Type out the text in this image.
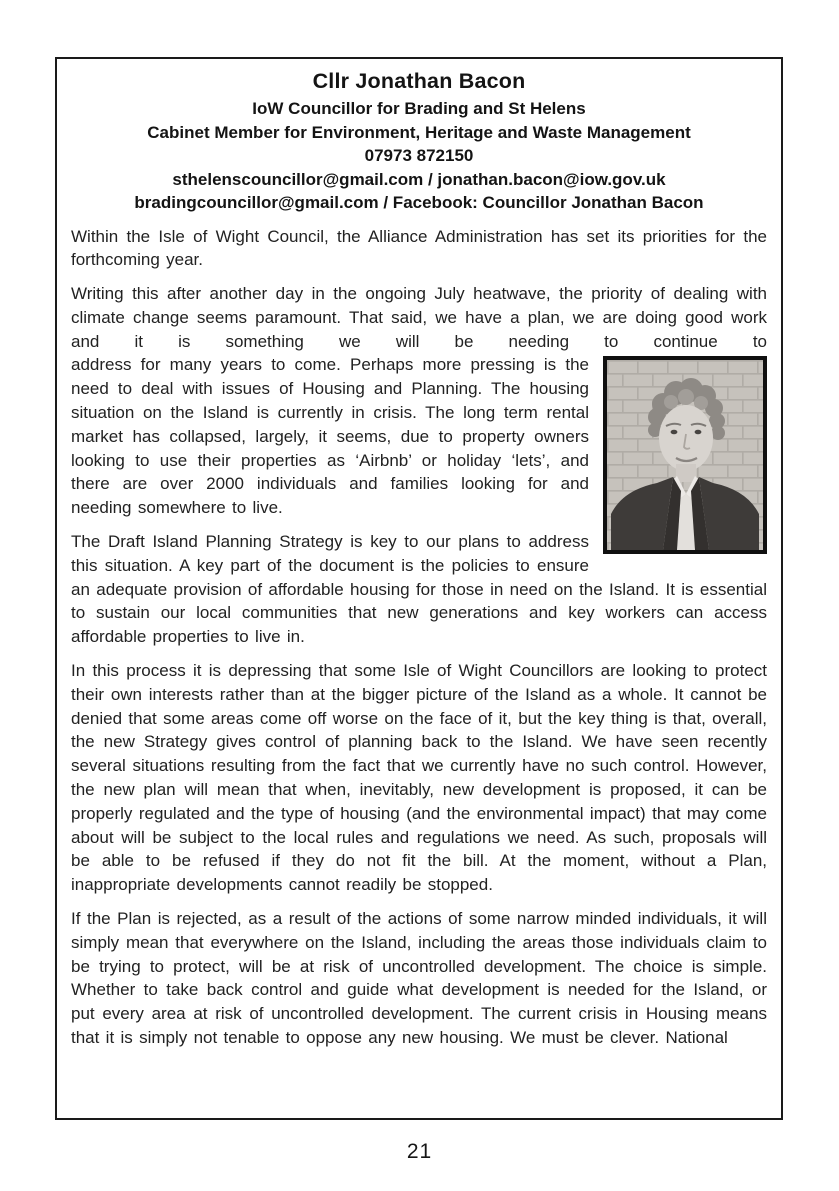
Cllr Jonathan Bacon
IoW Councillor for Brading and St Helens
Cabinet Member for Environment, Heritage and Waste Management
07973 872150
sthelenscouncillor@gmail.com / jonathan.bacon@iow.gov.uk
bradingcouncillor@gmail.com / Facebook: Councillor Jonathan Bacon

Within the Isle of Wight Council, the Alliance Administration has set its priorities for the forthcoming year.

Writing this after another day in the ongoing July heatwave, the priority of dealing with climate change seems paramount. That said, we have a plan, we are doing good work and it is something we will be needing to continue to

address for many years to come. Perhaps more pressing is the need to deal with issues of Housing and Planning. The housing situation on the Island is currently in crisis. The long term rental market has collapsed, largely, it seems, due to property owners looking to use their properties as ‘Airbnb’ or holiday ‘lets’, and there are over 2000 individuals and families looking for and needing somewhere to live.

The Draft Island Planning Strategy is key to our plans to address this situation. A key part of the document is the policies to ensure an adequate provision of affordable housing for those in need on the Island. It is essential to sustain our local communities that new generations and key workers can access affordable properties to live in.

In this process it is depressing that some Isle of Wight Councillors are looking to protect their own interests rather than at the bigger picture of the Island as a whole. It cannot be denied that some areas come off worse on the face of it, but the key thing is that, overall, the new Strategy gives control of planning back to the Island. We have seen recently several situations resulting from the fact that we currently have no such control. However, the new plan will mean that when, inevitably, new development is proposed, it can be properly regulated and the type of housing (and the environmental impact) that may come about will be subject to the local rules and regulations we need. As such, proposals will be able to be refused if they do not fit the bill. At the moment, without a Plan, inappropriate developments cannot readily be stopped.

If the Plan is rejected, as a result of the actions of some narrow minded individuals, it will simply mean that everywhere on the Island, including the areas those individuals claim to be trying to protect, will be at risk of uncontrolled development. The choice is simple. Whether to take back control and guide what development is needed for the Island, or put every area at risk of uncontrolled development. The current crisis in Housing means that it is simply not tenable to oppose any new housing. We must be clever. National

21
